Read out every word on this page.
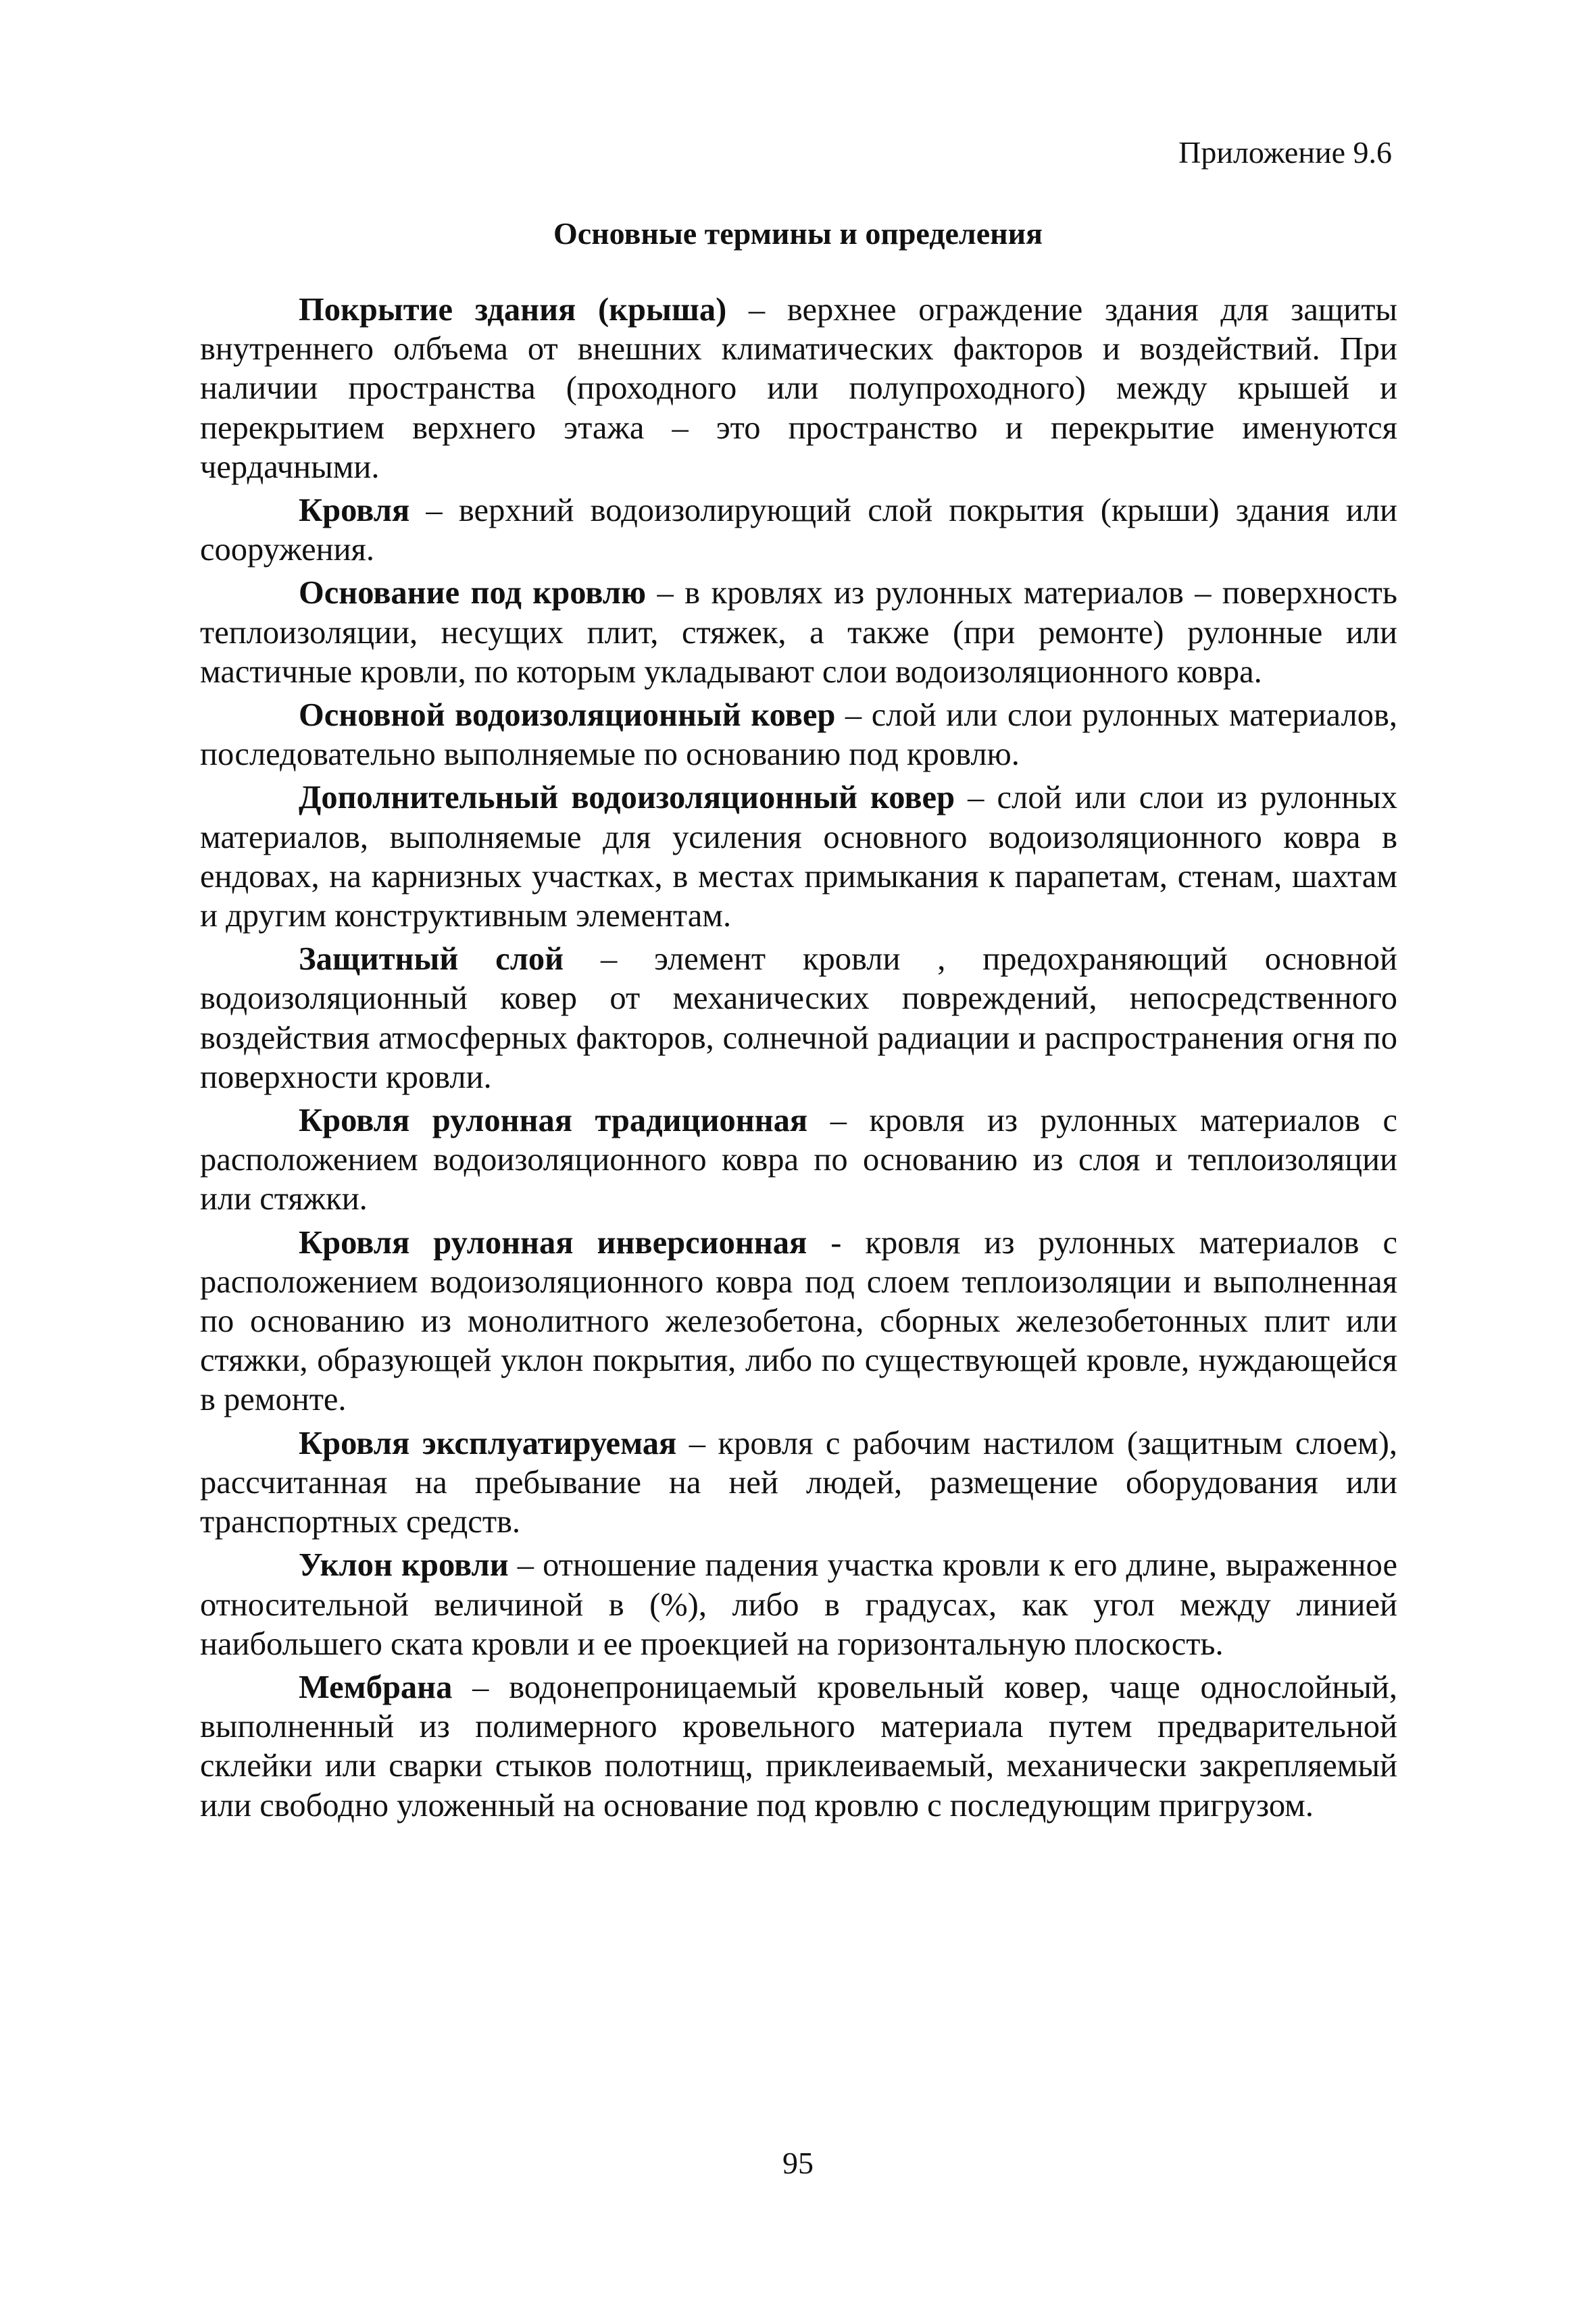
Приложение 9.6
Основные термины и определения

Покрытие здания (крыша) – верхнее ограждение здания для защиты внутреннего олбъема от внешних климатических факторов и воздействий. При наличии пространства (проходного или полупроходного) между крышей и перекрытием верхнего этажа – это пространство и перекрытие именуются чердачными.

Кровля – верхний водоизолирующий слой покрытия (крыши) здания или сооружения.

Основание под кровлю – в кровлях из рулонных материалов – поверхность теплоизоляции, несущих плит, стяжек, а также (при ремонте) рулонные или мастичные кровли, по которым укладывают слои водоизоляционного ковра.

Основной водоизоляционный ковер – слой или слои рулонных материалов, последовательно выполняемые по основанию под кровлю.

Дополнительный водоизоляционный ковер – слой или слои из рулонных материалов, выполняемые для усиления основного водоизоляционного ковра в ендовах, на карнизных участках, в местах примыкания к парапетам, стенам, шахтам и другим конструктивным элементам.

Защитный слой – элемент кровли , предохраняющий основной водоизоляционный ковер от механических повреждений, непосредственного воздействия атмосферных факторов, солнечной радиации и распространения огня по поверхности кровли.

Кровля рулонная традиционная – кровля из рулонных материалов с расположением водоизоляционного ковра по основанию из слоя и теплоизоляции или стяжки.

Кровля рулонная инверсионная - кровля из рулонных материалов с расположением водоизоляционного ковра под слоем теплоизоляции и выполненная по основанию из монолитного железобетона, сборных железобетонных плит или стяжки, образующей уклон покрытия, либо по существующей кровле, нуждающейся в ремонте.

Кровля эксплуатируемая – кровля с рабочим настилом (защитным слоем), рассчитанная на пребывание на ней людей, размещение оборудования или транспортных средств.

Уклон кровли – отношение падения участка кровли к его длине, выраженное относительной величиной в (%), либо в градусах, как угол между линией наибольшего ската кровли и ее проекцией на горизонтальную плоскость.

Мембрана – водонепроницаемый кровельный ковер, чаще однослойный, выполненный из полимерного кровельного материала путем предварительной склейки или сварки стыков полотнищ, приклеиваемый, механически закрепляемый или свободно уложенный на основание под кровлю с последующим пригрузом.

95
